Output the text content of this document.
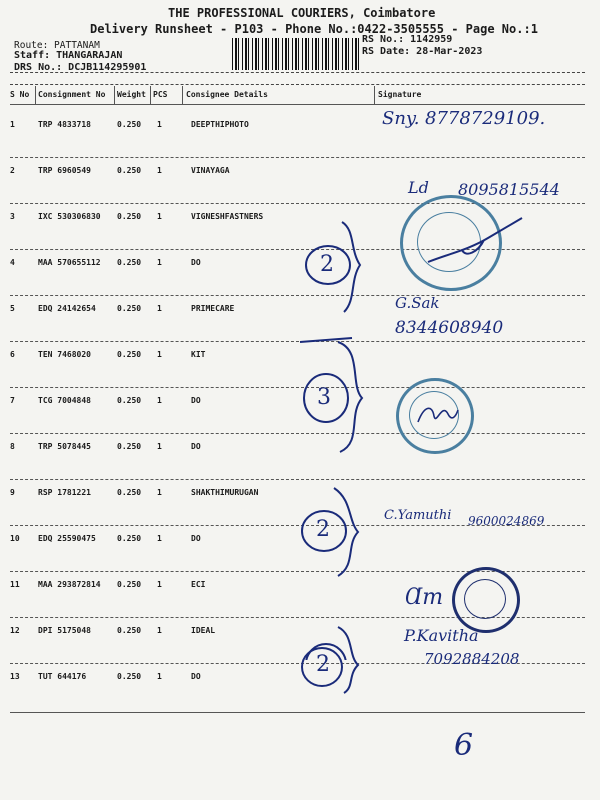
THE PROFESSIONAL COURIERS, Coimbatore
Delivery Runsheet - P103 - Phone No.:0422-3505555 - Page No.:1
Route: PATTANAM
Staff: THANGARAJAN
DRS No.: DCJB114295901
RS No.: 1142959
RS Date: 28-Mar-2023
S No Consignment No Weight PCS Consignee Details	Signature
1	TRP 4833718	0.250 1	DEEPTHIPHOTO
2	TRP 6960549	0.250 1	VINAYAGA
3	IXC 530306830 0.250 1	VIGNESHFASTNERS
4	MAA 570655112 0.250 1	DO
5	EDQ 24142654	0.250 1	PRIMECARE
6	TEN 7468020	0.250 1	KIT
7	TCG 7004848	0.250 1	DO
8	TRP 5078445	0.250 1	DO
9	RSP 1781221	0.250 1	SHAKTHIMURUGAN
10 EDQ 25590475	0.250 1	DO
11 MAA 293872814 0.250 1	ECI
12 DPI 5175048	0.250 1	IDEAL
13 TUT 644176	0.250 1	DO
Sny. 8778729109.
Ld 8095815544
G.Sak
8344608940
C.Yamuthi 9600024869
Ɑm
P.Kavitha
7092884208
6
2
3
2
2
